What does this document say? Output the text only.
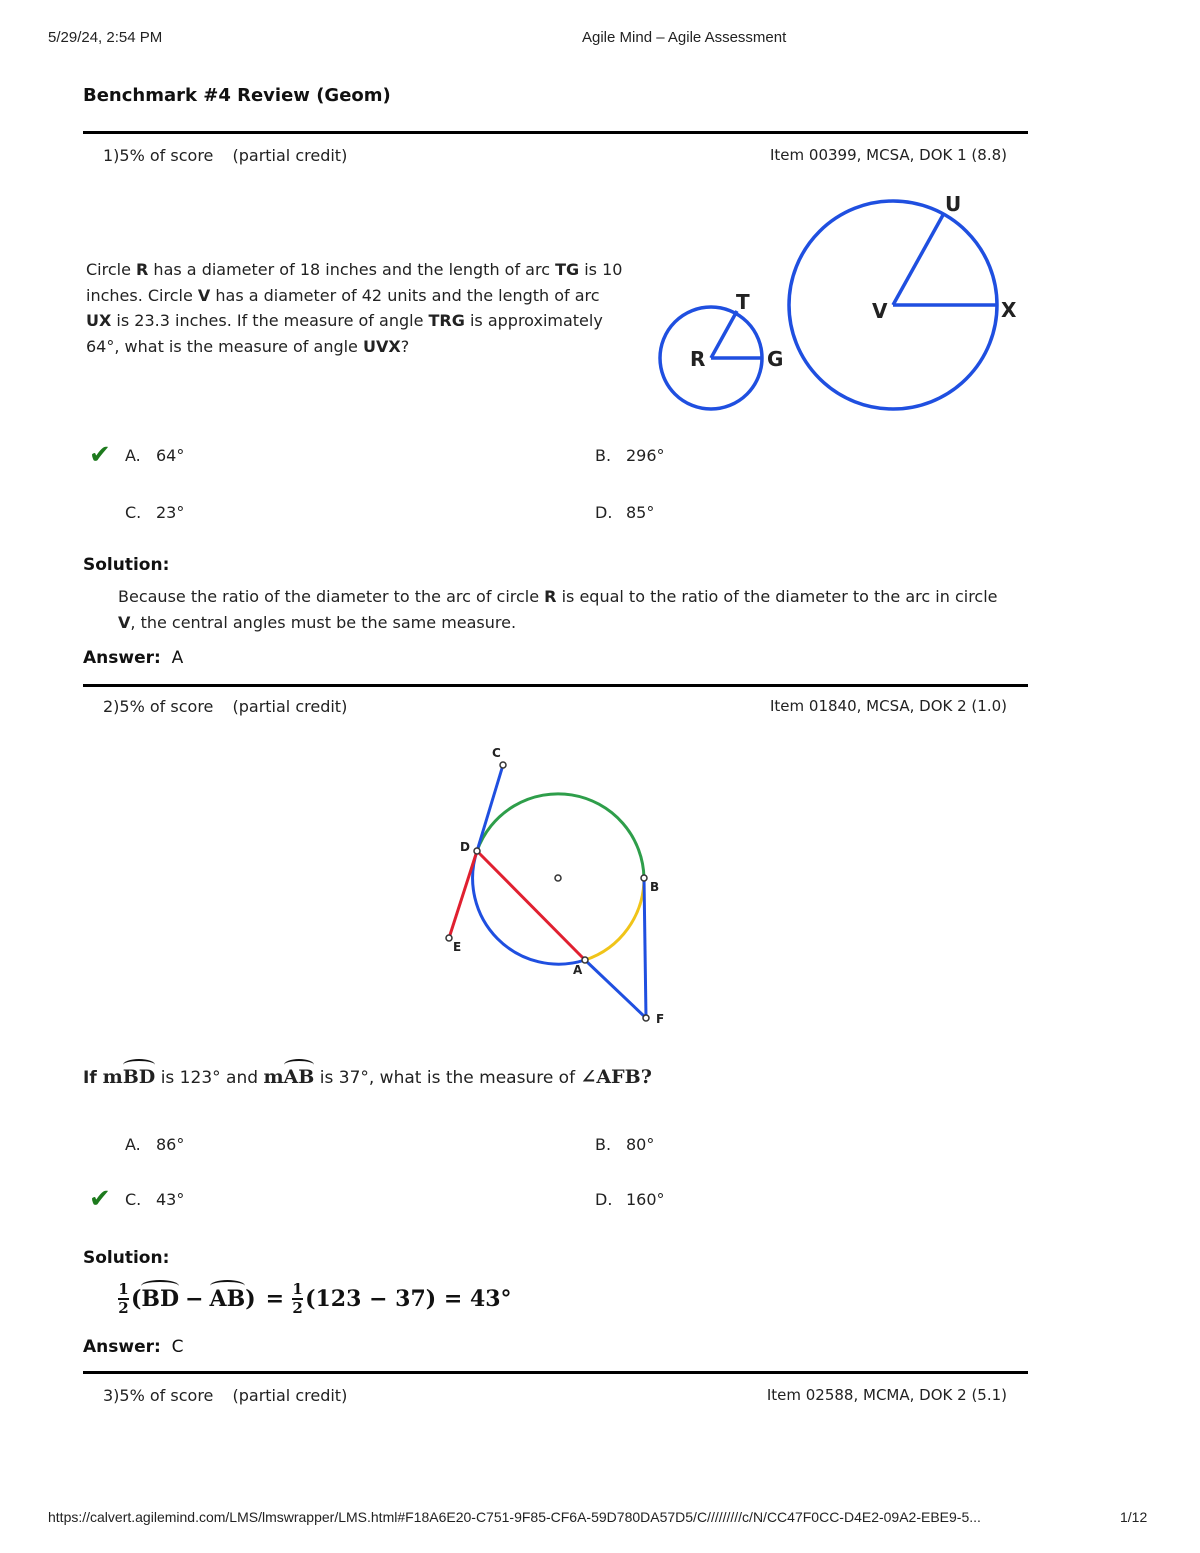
5/29/24, 2:54 PM	Agile Mind – Agile Assessment
Benchmark #4 Review (Geom)
1)5% of score (partial credit)	Item 00399, MCSA, DOK 1 (8.8)
Circle R has a diameter of 18 inches and the length of arc TG is 10 inches. Circle V has a diameter of 42 units and the length of arc UX is 23.3 inches. If the measure of angle TRG is approximately 64°, what is the measure of angle UVX?
R
T
G
V
U
X
✔ A. 64°	B. 296°
C. 23°	D. 85°
Solution:
Because the ratio of the diameter to the arc of circle R is equal to the ratio of the diameter to the arc in circle V, the central angles must be the same measure.
Answer: A
2)5% of score (partial credit)	Item 01840, MCSA, DOK 2 (1.0)
C
D
B
E
A
F
If m
BD is 123° and m
AB is 37°, what is the measure of ∠AFB?
A. 86°	B. 80°
✔ C. 43°	D. 160°
Solution:
1
2 ( BD − AB ) = 1
2 (123 − 37) = 43°
Answer: C
3)5% of score (partial credit)	Item 02588, MCMA, DOK 2 (5.1)
https://calvert.agilemind.com/LMS/lmswrapper/LMS.html#F18A6E20-C751-9F85-CF6A-59D780DA57D5/C/////////c/N/CC47F0CC-D4E2-09A2-EBE9-5...	1/12
